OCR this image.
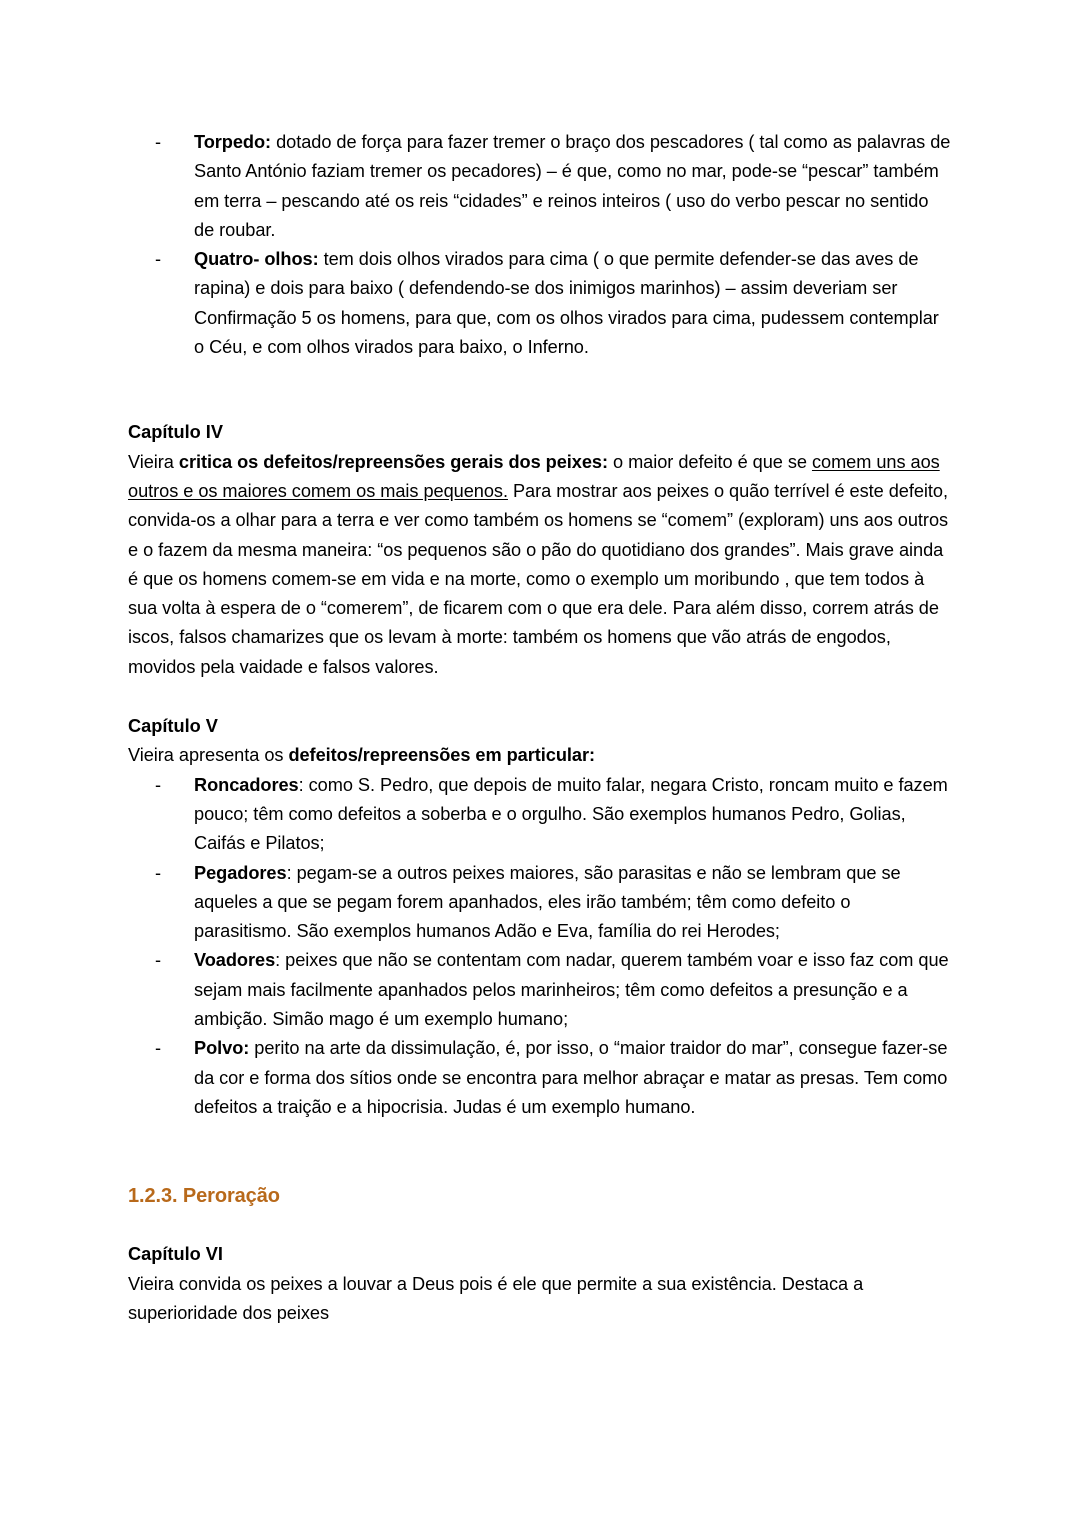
- Torpedo: dotado de força para fazer tremer o braço dos pescadores ( tal como as palavras de Santo António faziam tremer os pecadores) – é que, como no mar, pode-se “pescar” também em terra – pescando até os reis “cidades” e reinos inteiros ( uso do verbo pescar no sentido de roubar.
- Quatro- olhos: tem dois olhos virados para cima ( o que permite defender-se das aves de rapina) e dois para baixo ( defendendo-se dos inimigos marinhos) – assim deveriam ser Confirmação 5 os homens, para que, com os olhos virados para cima, pudessem contemplar o Céu, e com olhos virados para baixo, o Inferno.
Capítulo IV

Vieira critica os defeitos/repreensões gerais dos peixes: o maior defeito é que se comem uns aos outros e os maiores comem os mais pequenos. Para mostrar aos peixes o quão terrível é este defeito, convida-os a olhar para a terra e ver como também os homens se “comem” (exploram) uns aos outros e o fazem da mesma maneira: “os pequenos são o pão do quotidiano dos grandes”. Mais grave ainda é que os homens comem-se em vida e na morte, como o exemplo um moribundo , que tem todos à sua volta à espera de o “comerem”, de ficarem com o que era dele. Para além disso, correm atrás de iscos, falsos chamarizes que os levam à morte: também os homens que vão atrás de engodos, movidos pela vaidade e falsos valores.

Capítulo V

Vieira apresenta os defeitos/repreensões em particular:

- Roncadores: como S. Pedro, que depois de muito falar, negara Cristo, roncam muito e fazem pouco; têm como defeitos a soberba e o orgulho. São exemplos humanos Pedro, Golias, Caifás e Pilatos;
- Pegadores: pegam-se a outros peixes maiores, são parasitas e não se lembram que se aqueles a que se pegam forem apanhados, eles irão também; têm como defeito o parasitismo. São exemplos humanos Adão e Eva, família do rei Herodes;
- Voadores: peixes que não se contentam com nadar, querem também voar e isso faz com que sejam mais facilmente apanhados pelos marinheiros; têm como defeitos a presunção e a ambição. Simão mago é um exemplo humano;
- Polvo: perito na arte da dissimulação, é, por isso, o “maior traidor do mar”, consegue fazer-se da cor e forma dos sítios onde se encontra para melhor abraçar e matar as presas. Tem como defeitos a traição e a hipocrisia. Judas é um exemplo humano.
1.2.3. Peroração
Capítulo VI

Vieira convida os peixes a louvar a Deus pois é ele que permite a sua existência. Destaca a superioridade dos peixes
